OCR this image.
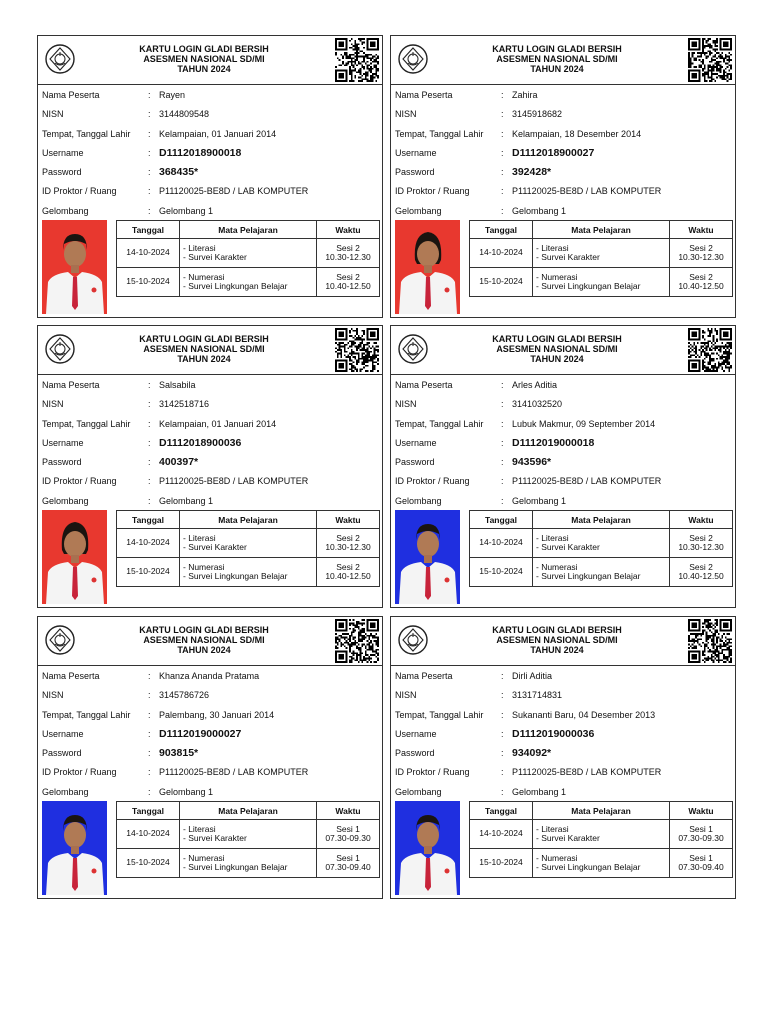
KARTU LOGIN GLADI BERSIH
ASESMEN NASIONAL SD/MI
TAHUN 2024
Nama Peserta	: Rayen
NISN	: 3144809548
Tempat, Tanggal Lahir : Kelampaian, 01 Januari 2014
Username	: D1112018900018
Password	: 368435*
ID Proktor / Ruang	: P11120025-BE8D / LAB KOMPUTER
Gelombang	: Gelombang 1
Tanggal	Mata Pelajaran	Waktu
14-10-2024	- Literasi
- Survei Karakter	Sesi 2
10.30-12.30

15-10-2024	- Numerasi
- Survei Lingkungan Belajar	Sesi 2
10.40-12.50
KARTU LOGIN GLADI BERSIH
ASESMEN NASIONAL SD/MI
TAHUN 2024
Nama Peserta	: Zahira
NISN	: 3145918682
Tempat, Tanggal Lahir : Kelampaian, 18 Desember 2014
Username	: D1112018900027
Password	: 392428*
ID Proktor / Ruang	: P11120025-BE8D / LAB KOMPUTER
Gelombang	: Gelombang 1
Tanggal	Mata Pelajaran	Waktu
14-10-2024	- Literasi
- Survei Karakter	Sesi 2
10.30-12.30

15-10-2024	- Numerasi
- Survei Lingkungan Belajar	Sesi 2
10.40-12.50
KARTU LOGIN GLADI BERSIH
ASESMEN NASIONAL SD/MI
TAHUN 2024
Nama Peserta	: Salsabila
NISN	: 3142518716
Tempat, Tanggal Lahir : Kelampaian, 01 Januari 2014
Username	: D1112018900036
Password	: 400397*
ID Proktor / Ruang	: P11120025-BE8D / LAB KOMPUTER
Gelombang	: Gelombang 1
Tanggal	Mata Pelajaran	Waktu
14-10-2024	- Literasi
- Survei Karakter	Sesi 2
10.30-12.30

15-10-2024	- Numerasi
- Survei Lingkungan Belajar	Sesi 2
10.40-12.50
KARTU LOGIN GLADI BERSIH
ASESMEN NASIONAL SD/MI
TAHUN 2024
Nama Peserta	: Arles Aditia
NISN	: 3141032520
Tempat, Tanggal Lahir : Lubuk Makmur, 09 September 2014
Username	: D1112019000018
Password	: 943596*
ID Proktor / Ruang	: P11120025-BE8D / LAB KOMPUTER
Gelombang	: Gelombang 1
Tanggal	Mata Pelajaran	Waktu
14-10-2024	- Literasi
- Survei Karakter	Sesi 2
10.30-12.30

15-10-2024	- Numerasi
- Survei Lingkungan Belajar	Sesi 2
10.40-12.50
KARTU LOGIN GLADI BERSIH
ASESMEN NASIONAL SD/MI
TAHUN 2024
Nama Peserta	: Khanza Ananda Pratama
NISN	: 3145786726
Tempat, Tanggal Lahir : Palembang, 30 Januari 2014
Username	: D1112019000027
Password	: 903815*
ID Proktor / Ruang	: P11120025-BE8D / LAB KOMPUTER
Gelombang	: Gelombang 1
Tanggal	Mata Pelajaran	Waktu
14-10-2024	- Literasi
- Survei Karakter	Sesi 1
07.30-09.30

15-10-2024	- Numerasi
- Survei Lingkungan Belajar	Sesi 1
07.30-09.40
KARTU LOGIN GLADI BERSIH
ASESMEN NASIONAL SD/MI
TAHUN 2024
Nama Peserta	: Dirli Aditia
NISN	: 3131714831
Tempat, Tanggal Lahir : Sukananti Baru, 04 Desember 2013
Username	: D1112019000036
Password	: 934092*
ID Proktor / Ruang	: P11120025-BE8D / LAB KOMPUTER
Gelombang	: Gelombang 1
Tanggal	Mata Pelajaran	Waktu
14-10-2024	- Literasi
- Survei Karakter	Sesi 1
07.30-09.30

15-10-2024	- Numerasi
- Survei Lingkungan Belajar	Sesi 1
07.30-09.40
